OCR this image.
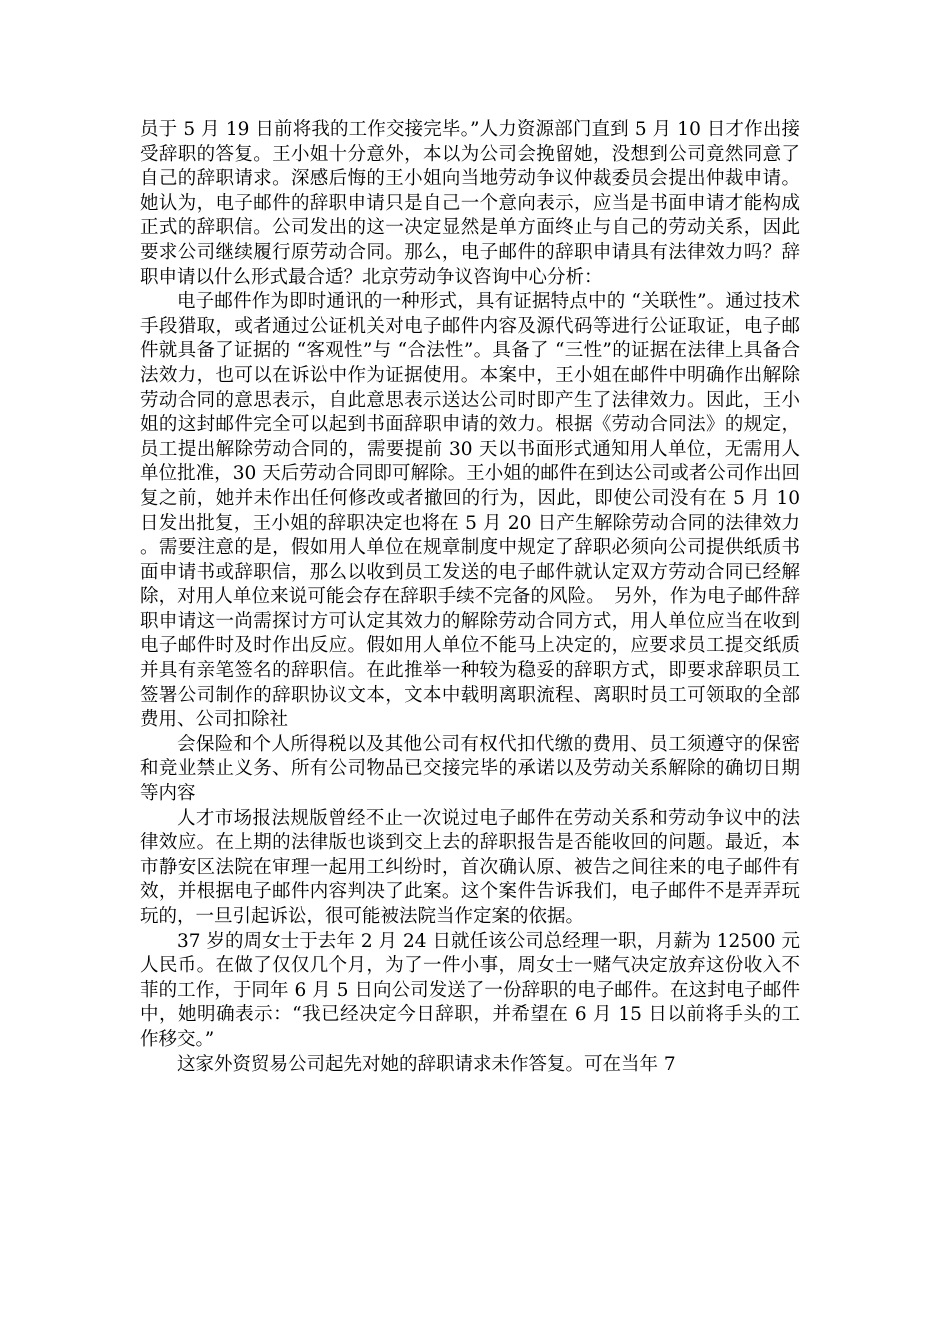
员于 5 月 19 日前将我的工作交接完毕。”人力资源部门直到 5 月 10 日才作出接受辞职的答复。王小姐十分意外，本以为公司会挽留她，没想到公司竟然同意了自己的辞职请求。深感后悔的王小姐向当地劳动争议仲裁委员会提出仲裁申请。她认为，电子邮件的辞职申请只是自己一个意向表示，应当是书面申请才能构成正式的辞职信。公司发出的这一决定显然是单方面终止与自己的劳动关系，因此要求公司继续履行原劳动合同。那么，电子邮件的辞职申请具有法律效力吗？辞职申请以什么形式最合适？北京劳动争议咨询中心分析：

电子邮件作为即时通讯的一种形式，具有证据特点中的 “关联性”。通过技术手段猎取，或者通过公证机关对电子邮件内容及源代码等进行公证取证，电子邮件就具备了证据的 “客观性”与 “合法性”。具备了 “三性”的证据在法律上具备合法效力，也可以在诉讼中作为证据使用。本案中，王小姐在邮件中明确作出解除劳动合同的意思表示，自此意思表示送达公司时即产生了法律效力。因此，王小姐的这封邮件完全可以起到书面辞职申请的效力。根据《劳动合同法》的规定，员工提出解除劳动合同的，需要提前 30 天以书面形式通知用人单位，无需用人单位批准，30 天后劳动合同即可解除。王小姐的邮件在到达公司或者公司作出回复之前，她并未作出任何修改或者撤回的行为，因此，即使公司没有在 5 月 10 日发出批复，王小姐的辞职决定也将在 5 月 20 日产生解除劳动合同的法律效力。需要注意的是，假如用人单位在规章制度中规定了辞职必须向公司提供纸质书面申请书或辞职信，那么以收到员工发送的电子邮件就认定双方劳动合同已经解除，对用人单位来说可能会存在辞职手续不完备的风险。　另外，作为电子邮件辞职申请这一尚需探讨方可认定其效力的解除劳动合同方式，用人单位应当在收到电子邮件时及时作出反应。假如用人单位不能马上决定的，应要求员工提交纸质并具有亲笔签名的辞职信。在此推举一种较为稳妥的辞职方式，即要求辞职员工签署公司制作的辞职协议文本，文本中载明离职流程、离职时员工可领取的全部费用、公司扣除社

会保险和个人所得税以及其他公司有权代扣代缴的费用、员工须遵守的保密和竞业禁止义务、所有公司物品已交接完毕的承诺以及劳动关系解除的确切日期等内容

人才市场报法规版曾经不止一次说过电子邮件在劳动关系和劳动争议中的法律效应。在上期的法律版也谈到交上去的辞职报告是否能收回的问题。最近，本市静安区法院在审理一起用工纠纷时，首次确认原、被告之间往来的电子邮件有效，并根据电子邮件内容判决了此案。这个案件告诉我们，电子邮件不是弄弄玩玩的，一旦引起诉讼，很可能被法院当作定案的依据。

37 岁的周女士于去年 2 月 24 日就任该公司总经理一职，月薪为 12500 元人民币。在做了仅仅几个月，为了一件小事，周女士一赌气决定放弃这份收入不菲的工作，于同年 6 月 5 日向公司发送了一份辞职的电子邮件。在这封电子邮件中，她明确表示：“我已经决定今日辞职，并希望在 6 月 15 日以前将手头的工作移交。”

这家外资贸易公司起先对她的辞职请求未作答复。可在当年 7
